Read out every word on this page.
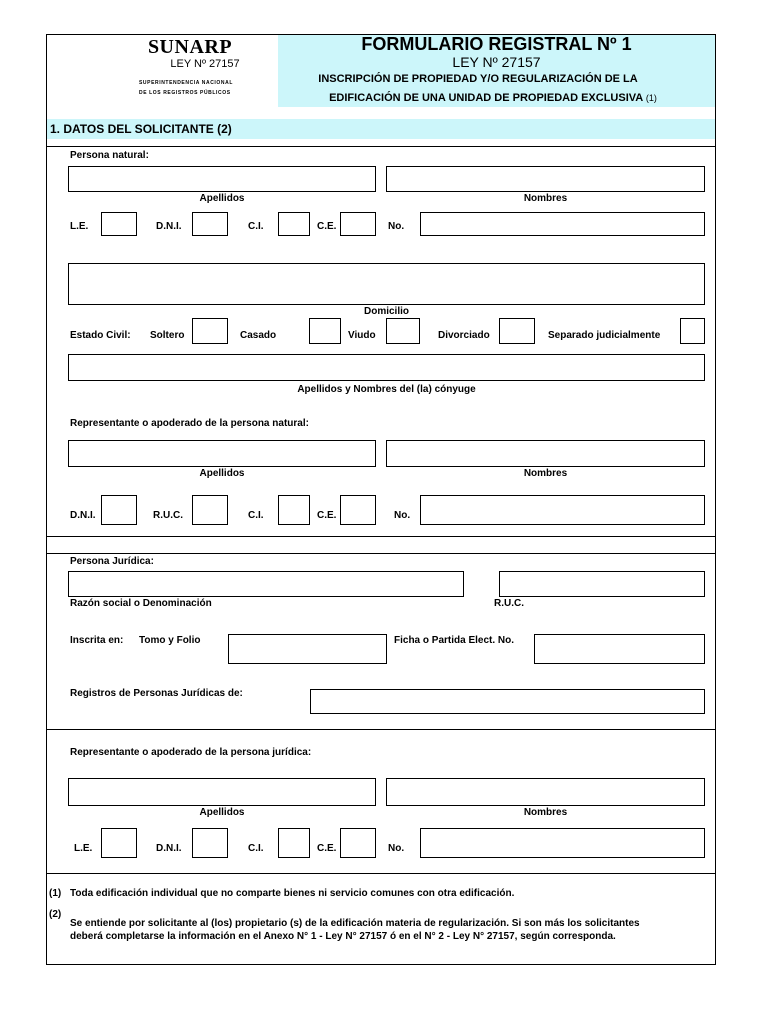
SUNARP
LEY Nº 27157
SUPERINTENDENCIA NACIONAL
DE LOS REGISTROS PÚBLICOS
FORMULARIO REGISTRAL Nº 1
LEY Nº 27157
INSCRIPCIÓN DE PROPIEDAD Y/O REGULARIZACIÓN DE LA
EDIFICACIÓN DE UNA UNIDAD DE PROPIEDAD EXCLUSIVA (1)
1. DATOS DEL SOLICITANTE (2)
Persona natural:
Apellidos	Nombres
L.E.	D.N.I.	C.I.	C.E.	No.
Domicilio
Estado Civil: Soltero	Casado	Viudo	Divorciado	Separado judicialmente
Apellidos y Nombres del (la) cónyuge
Representante o apoderado de la persona natural:
Apellidos	Nombres
D.N.I.	R.U.C.	C.I.	C.E.	No.
Persona Jurídica:
Razón social o Denominación	R.U.C.
Inscrita en: Tomo y Folio	Ficha o Partida Elect. No.
Registros de Personas Jurídicas de:
Representante o apoderado de la persona jurídica:
Apellidos	Nombres
L.E.	D.N.I.	C.I.	C.E.	No.
(1) Toda edificación individual que no comparte bienes ni servicio comunes con otra edificación.
(2)
Se entiende por solicitante al (los) propietario (s) de la edificación materia de regularización. Si son más los solicitantes
deberá completarse la información en el Anexo N° 1 - Ley N° 27157 ó en el N° 2 - Ley N° 27157, según corresponda.
